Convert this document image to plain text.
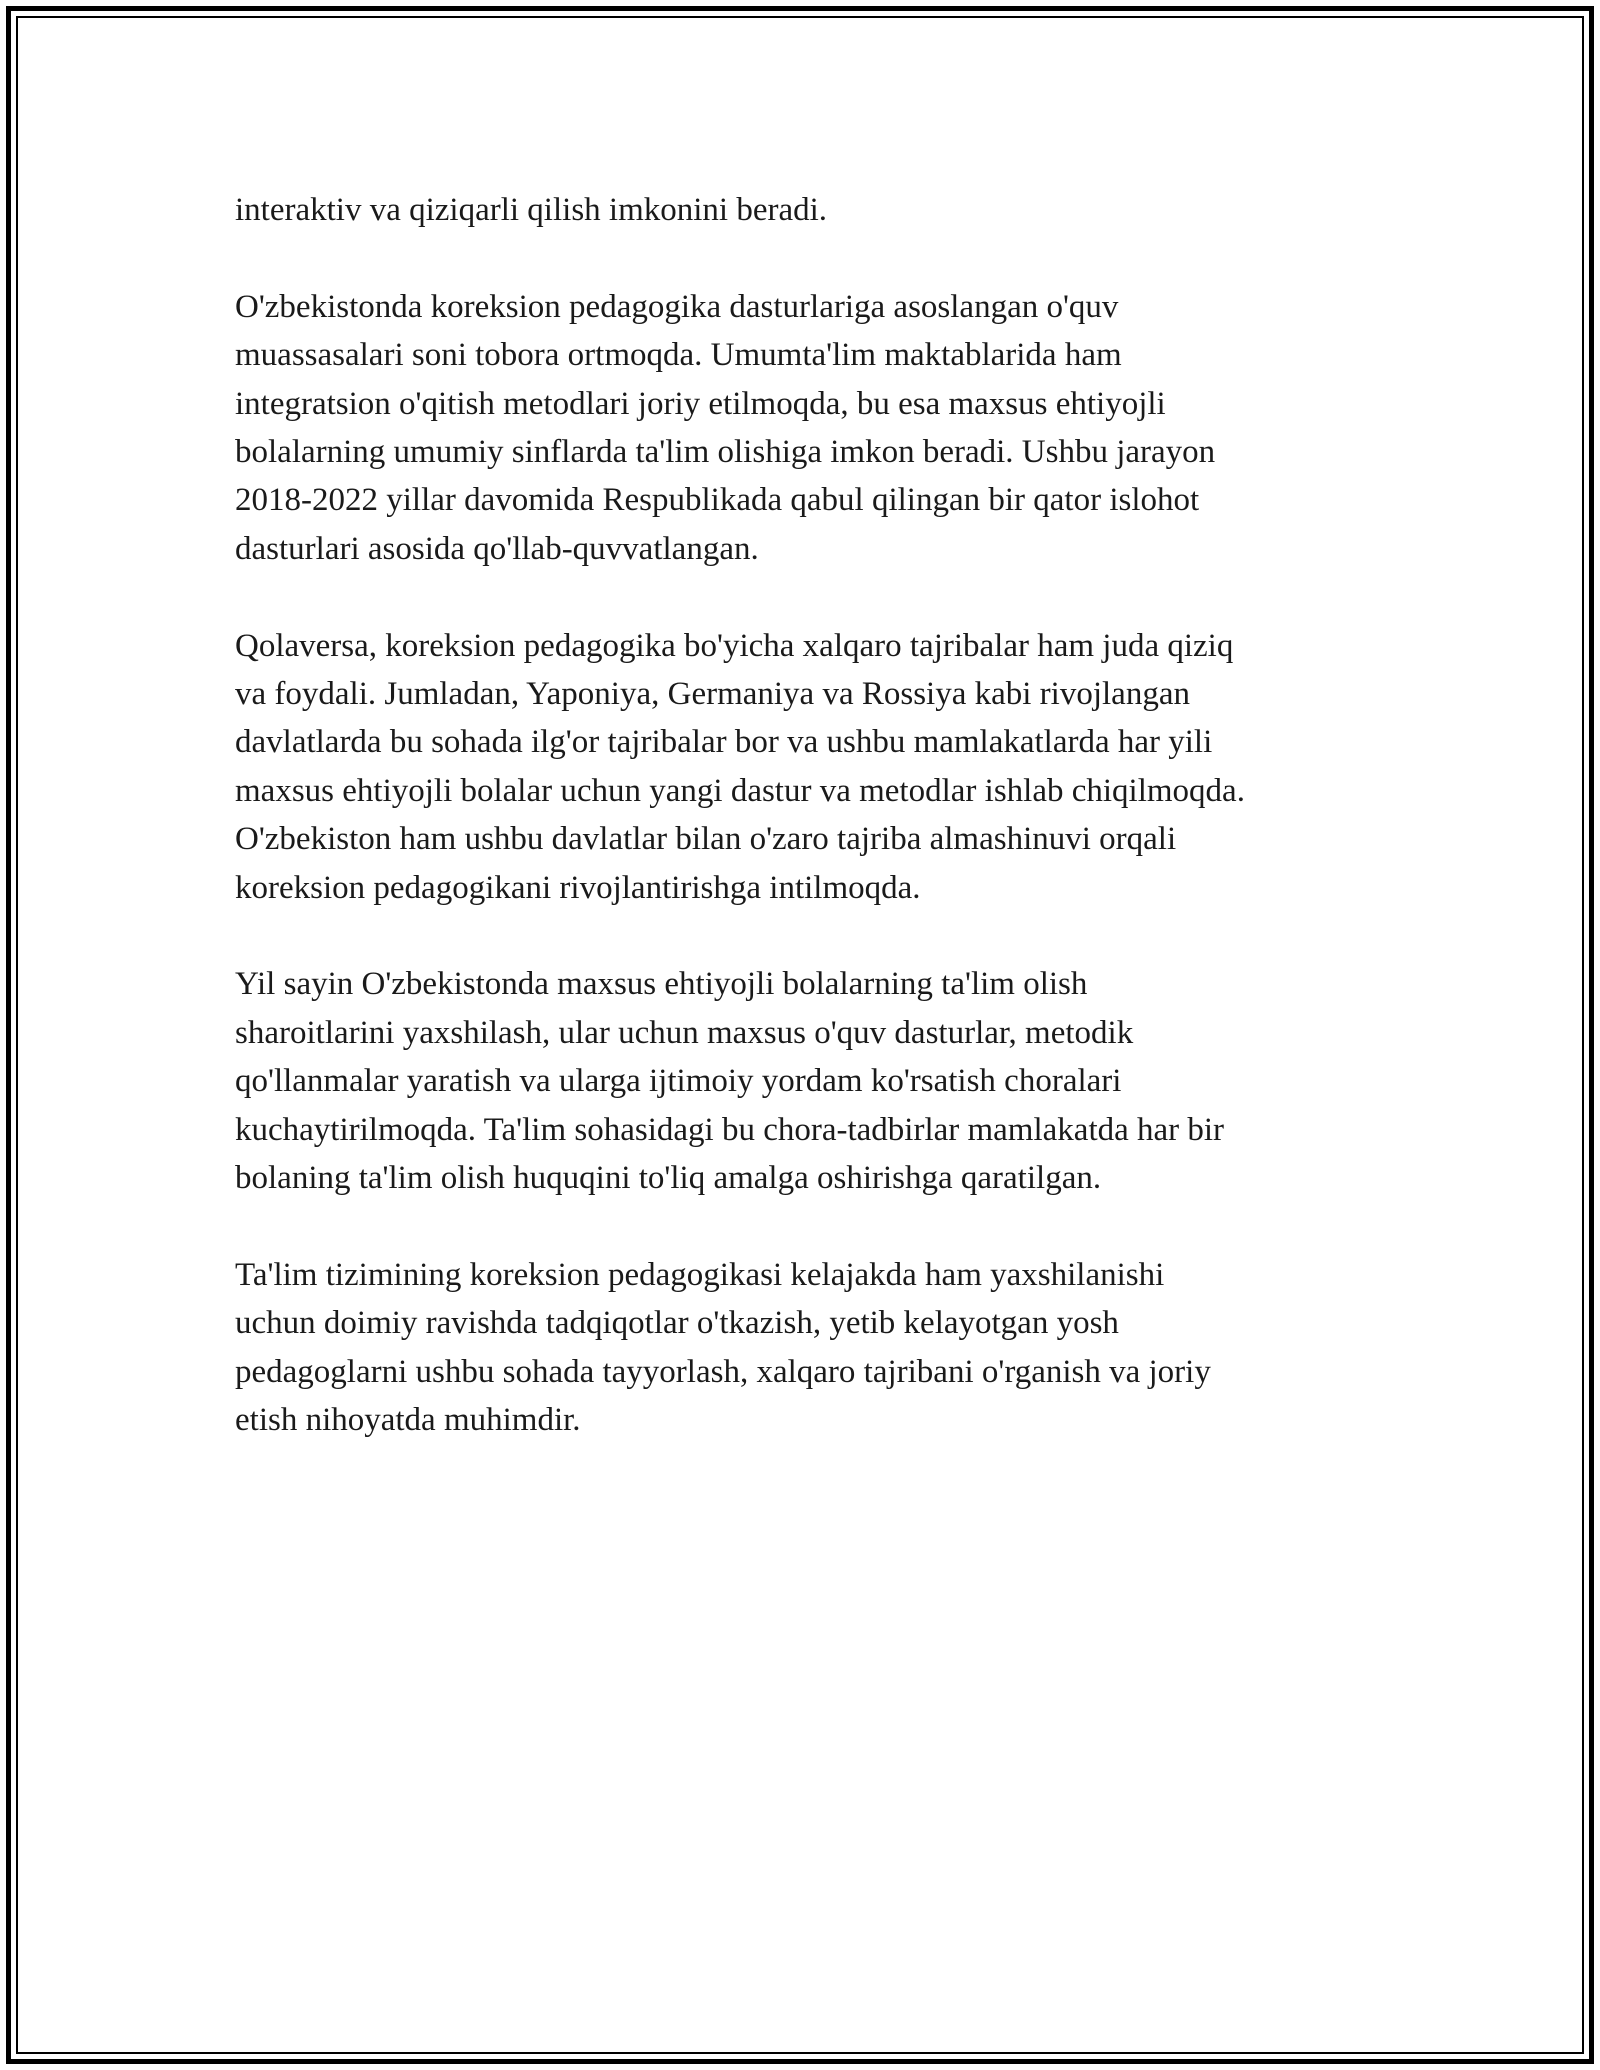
interaktiv va qiziqarli qilish imkonini beradi.

O'zbekistonda koreksion pedagogika dasturlariga asoslangan o'quv
muassasalari soni tobora ortmoqda. Umumta'lim maktablarida ham
integratsion o'qitish metodlari joriy etilmoqda, bu esa maxsus ehtiyojli
bolalarning umumiy sinflarda ta'lim olishiga imkon beradi. Ushbu jarayon
2018-2022 yillar davomida Respublikada qabul qilingan bir qator islohot
dasturlari asosida qo'llab-quvvatlangan.

Qolaversa, koreksion pedagogika bo'yicha xalqaro tajribalar ham juda qiziq
va foydali. Jumladan, Yaponiya, Germaniya va Rossiya kabi rivojlangan
davlatlarda bu sohada ilg'or tajribalar bor va ushbu mamlakatlarda har yili
maxsus ehtiyojli bolalar uchun yangi dastur va metodlar ishlab chiqilmoqda.
O'zbekiston ham ushbu davlatlar bilan o'zaro tajriba almashinuvi orqali
koreksion pedagogikani rivojlantirishga intilmoqda.

Yil sayin O'zbekistonda maxsus ehtiyojli bolalarning ta'lim olish
sharoitlarini yaxshilash, ular uchun maxsus o'quv dasturlar, metodik
qo'llanmalar yaratish va ularga ijtimoiy yordam ko'rsatish choralari
kuchaytirilmoqda. Ta'lim sohasidagi bu chora-tadbirlar mamlakatda har bir
bolaning ta'lim olish huquqini to'liq amalga oshirishga qaratilgan.

Ta'lim tizimining koreksion pedagogikasi kelajakda ham yaxshilanishi
uchun doimiy ravishda tadqiqotlar o'tkazish, yetib kelayotgan yosh
pedagoglarni ushbu sohada tayyorlash, xalqaro tajribani o'rganish va joriy
etish nihoyatda muhimdir.
